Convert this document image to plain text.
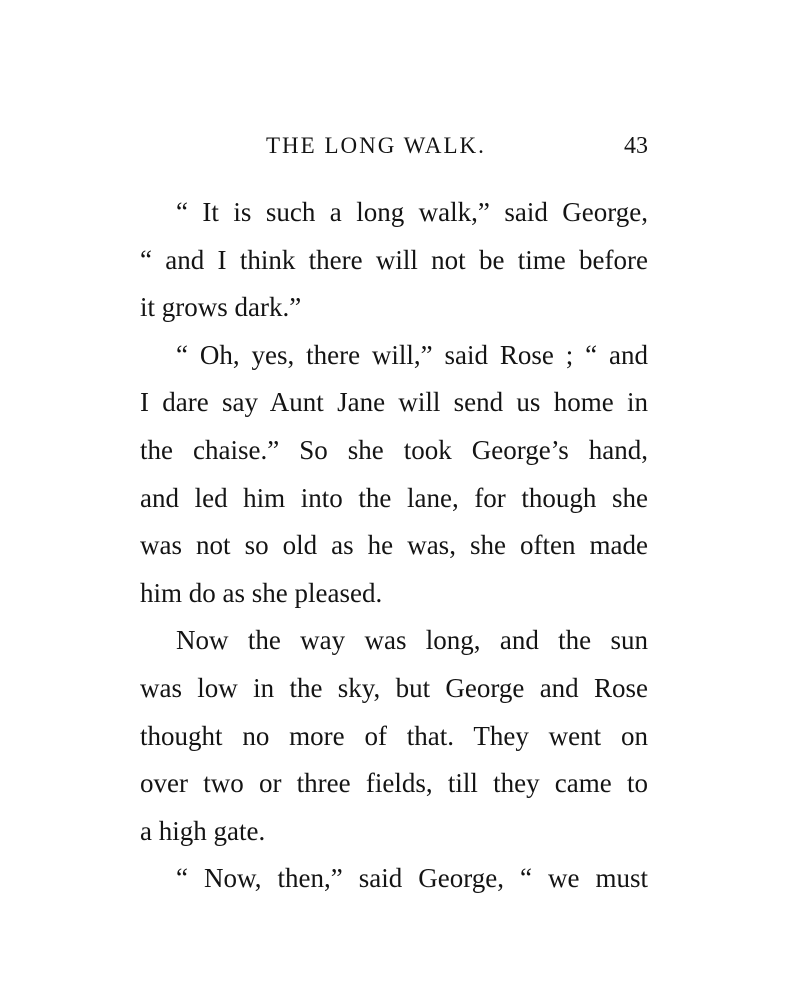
THE LONG WALK.	43
“ It is such a long walk,” said George,
“ and I think there will not be time before
it grows dark.”
“ Oh, yes, there will,” said Rose ; “ and
I dare say Aunt Jane will send us home in
the chaise.” So she took George’s hand,
and led him into the lane, for though she
was not so old as he was, she often made
him do as she pleased.
Now the way was long, and the sun
was low in the sky, but George and Rose
thought no more of that. They went on
over two or three fields, till they came to
a high gate.
“ Now, then,” said George, “ we must
